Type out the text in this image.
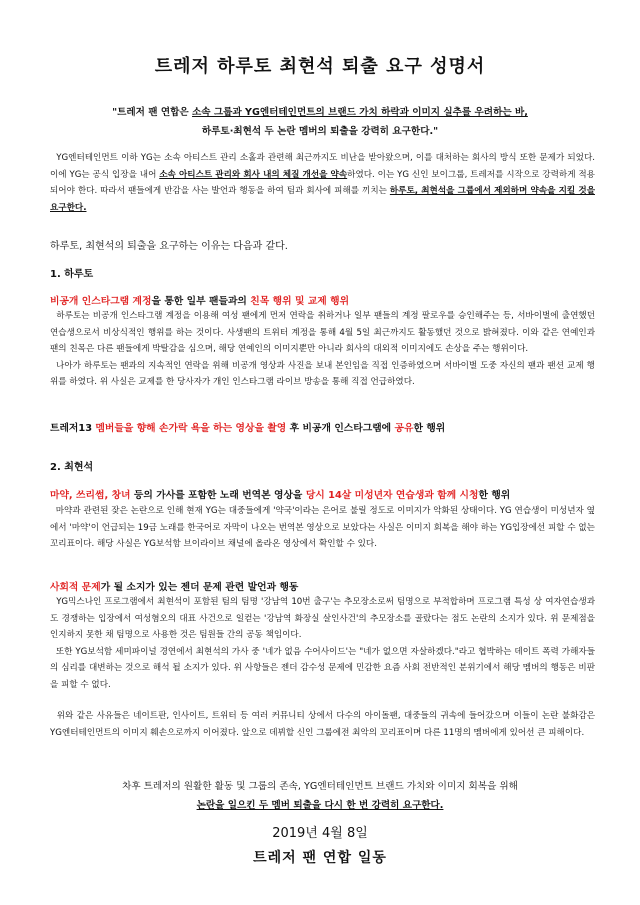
트레저 하루토 최현석 퇴출 요구 성명서
"트레저 팬 연합은 소속 그룹과 YG엔터테인먼트의 브랜드 가치 하락과 이미지 실추를 우려하는 바,
하루토·최현석 두 논란 멤버의 퇴출을 강력히 요구한다."

YG엔터테인먼트 이하 YG는 소속 아티스트 관리 소홀과 관련해 최근까지도 비난을 받아왔으며, 이를 대처하는 회사의 방식 또한 문제가 되었다. 이에 YG는 공식 입장을 내어 소속 아티스트 관리와 회사 내의 체질 개선을 약속하였다. 이는 YG 신인 보이그룹, 트레저를 시작으로 강력하게 적용되어야 한다. 따라서 팬들에게 반감을 사는 발언과 행동을 하여 팀과 회사에 피해를 끼치는 하루토, 최현석을 그룹에서 제외하며 약속을 지킬 것을 요구한다.

하루토, 최현석의 퇴출을 요구하는 이유는 다음과 같다.
1. 하루토
비공개 인스타그램 계정을 통한 일부 팬들과의 친목 행위 및 교제 행위

하루토는 비공개 인스타그램 계정을 이용해 여성 팬에게 먼저 연락을 취하거나 일부 팬들의 계정 팔로우를 승인해주는 등, 서바이벌에 출연했던 연습생으로서 비상식적인 행위를 하는 것이다. 사생팬의 트위터 계정을 통해 4월 5일 최근까지도 활동했던 것으로 밝혀졌다. 이와 같은 연예인과 팬의 친목은 다른 팬들에게 박탈감을 심으며, 해당 연예인의 이미지뿐만 아니라 회사의 대외적 이미지에도 손상을 주는 행위이다.

나아가 하루토는 팬과의 지속적인 연락을 위해 비공개 영상과 사진을 보내 본인임을 직접 인증하였으며 서바이벌 도중 자신의 팬과 팬션 교제 행위를 하였다. 위 사실은 교제를 한 당사자가 개인 인스타그램 라이브 방송을 통해 직접 언급하였다.

트레저13 멤버들을 향해 손가락 욕을 하는 영상을 촬영 후 비공개 인스타그램에 공유한 행위
2. 최현석
마약, 쓰리썸, 창녀 등의 가사를 포함한 노래 번역본 영상을 당시 14살 미성년자 연습생과 함께 시청한 행위

마약과 관련된 잦은 논란으로 인해 현재 YG는 대중들에게 '약국'이라는 은어로 불릴 정도로 이미지가 악화된 상태이다. YG 연습생이 미성년자 옆에서 '마약'이 언급되는 19금 노래를 한국어로 자막이 나오는 번역본 영상으로 보았다는 사실은 이미지 회복을 해야 하는 YG입장에선 피할 수 없는 꼬리표이다. 해당 사실은 YG보석함 브이라이브 채널에 올라온 영상에서 확인할 수 있다.

사회적 문제가 될 소지가 있는 젠더 문제 관련 발언과 행동

YG믹스나인 프로그램에서 최현석이 포함된 팀의 팀명 '강남역 10번 출구'는 추모장소로써 팀명으로 부적합하며 프로그램 특성 상 여자연습생과도 경쟁하는 입장에서 여성혐오의 대표 사건으로 일컫는 '강남역 화장실 살인사건'의 추모장소를 골랐다는 점도 논란의 소지가 있다. 위 문제점을 인지하지 못한 채 팀명으로 사용한 것은 팀원들 간의 공동 책임이다.

또한 YG보석함 세미파이널 경연에서 최현석의 가사 중 '네가 없음 수어사이드'는 "네가 없으면 자살하겠다."라고 협박하는 데이트 폭력 가해자들의 심리를 대변하는 것으로 해석 될 소지가 있다. 위 사항들은 젠더 감수성 문제에 민감한 요즘 사회 전반적인 분위기에서 해당 멤버의 행동은 비판을 피할 수 없다.

위와 같은 사유들은 네이트판, 인사이트, 트위터 등 여러 커뮤니티 상에서 다수의 아이돌팬, 대중들의 귀속에 들어갔으며 이들이 논란 불화감은 YG엔터테인먼트의 이미지 훼손으로까지 이어졌다. 앞으로 데뷔할 신인 그룹에전 최악의 꼬리표이며 다른 11명의 멤버에게 있어선 큰 피해이다.

차후 트레저의 원활한 활동 및 그룹의 존속, YG엔터테인먼트 브랜드 가치와 이미지 회복을 위해
논란을 일으킨 두 멤버 퇴출을 다시 한 번 강력히 요구한다.
2019년 4월 8일
트레저 팬 연합 일동
